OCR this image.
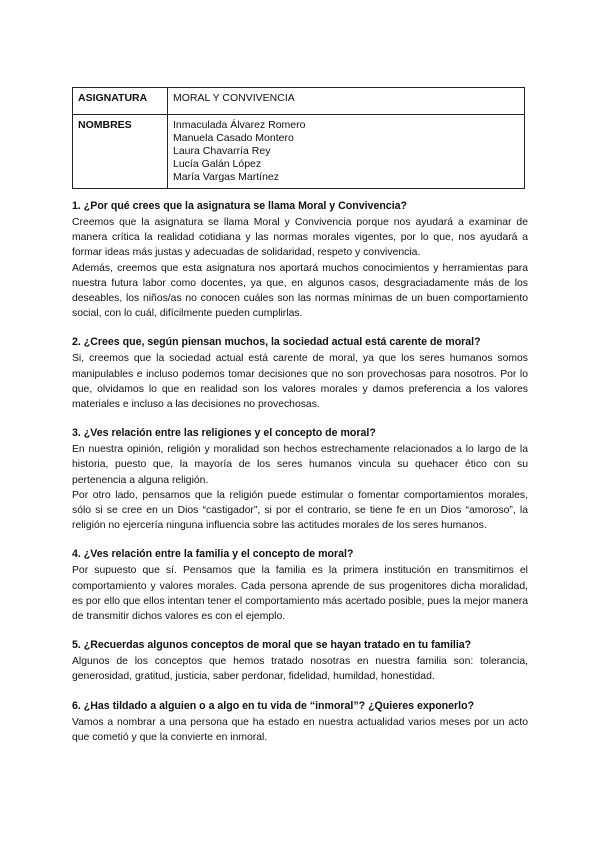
ASIGNATURA	MORAL Y CONVIVENCIA
NOMBRES	Inmaculada Álvarez Romero
Manuela Casado Montero
Laura Chavarría Rey
Lucía Galán López
María Vargas Martínez

1. ¿Por qué crees que la asignatura se llama Moral y Convivencia?

Creemos que la asignatura se llama Moral y Convivencia porque nos ayudará a examinar de manera crítica la realidad cotidiana y las normas morales vigentes, por lo que, nos ayudará a formar ideas más justas y adecuadas de solidaridad, respeto y convivencia.

Además, creemos que esta asignatura nos aportará muchos conocimientos y herramientas para nuestra futura labor como docentes, ya que, en algunos casos, desgraciadamente más de los deseables, los niños/as no conocen cuáles son las normas mínimas de un buen comportamiento social, con lo cuál, difícilmente pueden cumplirlas.

2. ¿Crees que, según piensan muchos, la sociedad actual está carente de moral?

Si, creemos que la sociedad actual está carente de moral, ya que los seres humanos somos manipulables e incluso podemos tomar decisiones que no son provechosas para nosotros. Por lo que, olvidamos lo que en realidad son los valores morales y damos preferencia a los valores materiales e incluso a las decisiones no provechosas.

3. ¿Ves relación entre las religiones y el concepto de moral?

En nuestra opinión, religión y moralidad son hechos estrechamente relacionados a lo largo de la historia, puesto que, la mayoría de los seres humanos vincula su quehacer ético con su pertenencia a alguna religión.

Por otro lado, pensamos que la religión puede estimular o fomentar comportamientos morales, sólo si se cree en un Dios “castigador”, si por el contrario, se tiene fe en un Dios “amoroso”, la religión no ejercería ninguna influencia sobre las actitudes morales de los seres humanos.

4. ¿Ves relación entre la familia y el concepto de moral?

Por supuesto que sí. Pensamos que la familia es la primera institución en transmitirnos el comportamiento y valores morales. Cada persona aprende de sus progenitores dicha moralidad, es por ello que ellos intentan tener el comportamiento más acertado posible, pues la mejor manera de transmitir dichos valores es con el ejemplo.

5. ¿Recuerdas algunos conceptos de moral que se hayan tratado en tu familia?

Algunos de los conceptos que hemos tratado nosotras en nuestra familia son: tolerancia, generosidad, gratitud, justicia, saber perdonar, fidelidad, humildad, honestidad.

6. ¿Has tildado a alguien o a algo en tu vida de “inmoral”? ¿Quieres exponerlo?

Vamos a nombrar a una persona que ha estado en nuestra actualidad varios meses por un acto que cometió y que la convierte en inmoral.
